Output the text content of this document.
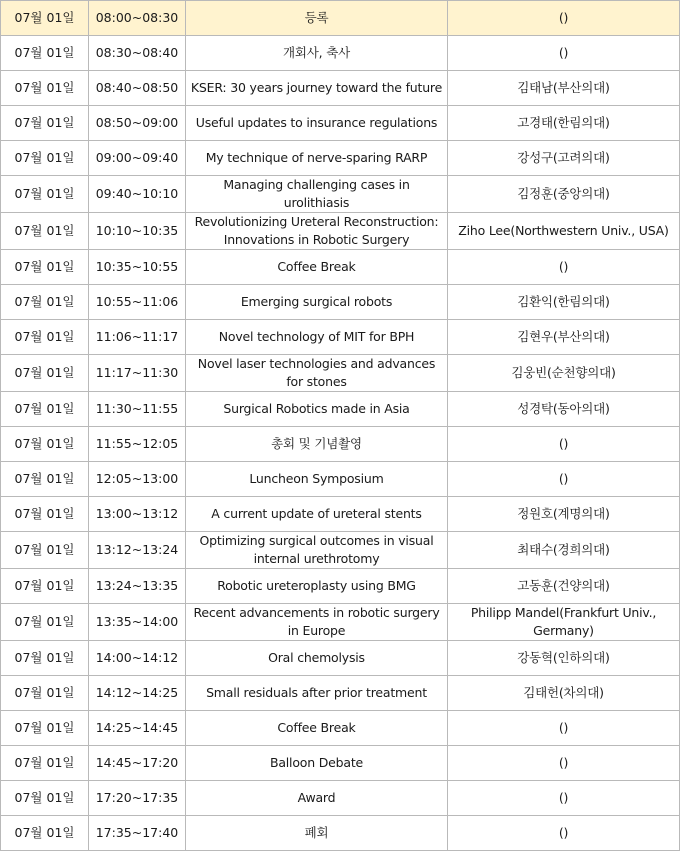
07월 01일	08:00~08:30	등록	()
07월 01일	08:30~08:40	개회사, 축사	()
07월 01일	08:40~08:50	KSER: 30 years journey toward the future	김태남(부산의대)
07월 01일	08:50~09:00	Useful updates to insurance regulations	고경태(한림의대)
07월 01일	09:00~09:40	My technique of nerve-sparing RARP	강성구(고려의대)
07월 01일	09:40~10:10	Managing challenging cases in urolithiasis	김정훈(중앙의대)
07월 01일	10:10~10:35	Revolutionizing Ureteral Reconstruction: Innovations in Robotic Surgery	Ziho Lee(Northwestern Univ., USA)
07월 01일	10:35~10:55	Coffee Break	()
07월 01일	10:55~11:06	Emerging surgical robots	김환익(한림의대)
07월 01일	11:06~11:17	Novel technology of MIT for BPH	김현우(부산의대)
07월 01일	11:17~11:30	Novel laser technologies and advances for stones	김웅빈(순천향의대)
07월 01일	11:30~11:55	Surgical Robotics made in Asia	성경탁(동아의대)
07월 01일	11:55~12:05	총회 및 기념촬영	()
07월 01일	12:05~13:00	Luncheon Symposium	()
07월 01일	13:00~13:12	A current update of ureteral stents	정원호(계명의대)
07월 01일	13:12~13:24	Optimizing surgical outcomes in visual internal urethrotomy	최태수(경희의대)
07월 01일	13:24~13:35	Robotic ureteroplasty using BMG	고동훈(건양의대)
07월 01일	13:35~14:00	Recent advancements in robotic surgery in Europe	Philipp Mandel(Frankfurt Univ., Germany)
07월 01일	14:00~14:12	Oral chemolysis	강동혁(인하의대)
07월 01일	14:12~14:25	Small residuals after prior treatment	김태헌(차의대)
07월 01일	14:25~14:45	Coffee Break	()
07월 01일	14:45~17:20	Balloon Debate	()
07월 01일	17:20~17:35	Award	()
07월 01일	17:35~17:40	폐회	()
